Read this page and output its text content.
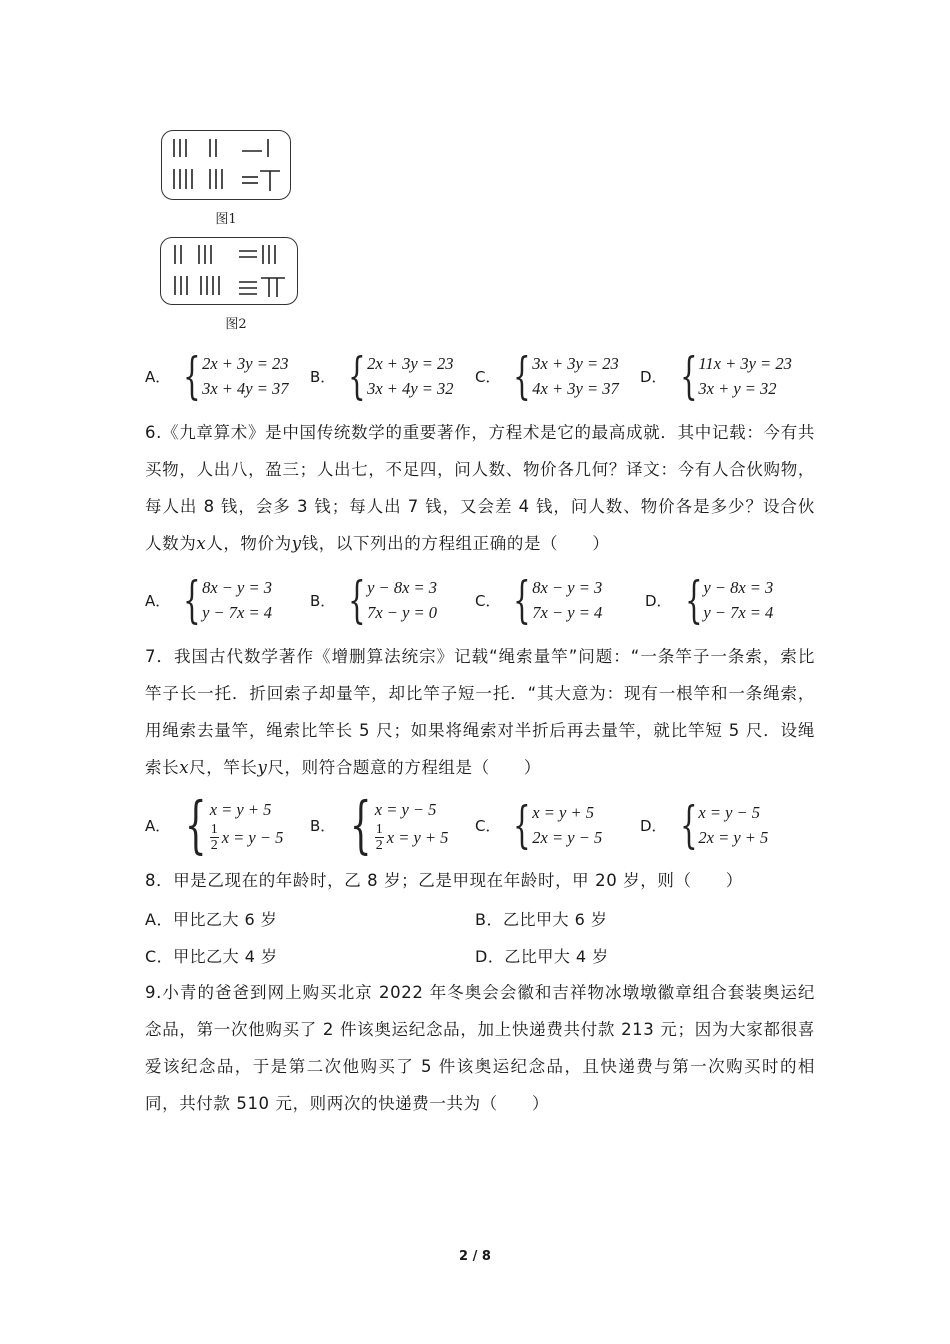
图1
图2
A． { 2x + 3y = 23
3x + 4y = 37
B． { 2x + 3y = 23
3x + 4y = 32
C． { 3x + 3y = 23
4x + 3y = 37
D． { 11x + 3y = 23
3x + y = 32
6.《九章算术》是中国传统数学的重要著作，方程术是它的最高成就．其中记载：今有共买物，人出八，盈三；人出七，不足四，问人数、物价各几何？译文：今有人合伙购物，每人出 8 钱，会多 3 钱；每人出 7 钱，又会差 4 钱，问人数、物价各是多少？设合伙人数为x人，物价为y钱，以下列出的方程组正确的是（　　）
A． { 8x − y = 3
y − 7x = 4
B． { y − 8x = 3
7x − y = 0
C． { 8x − y = 3
7x − y = 4
D． { y − 8x = 3
y − 7x = 4
7．我国古代数学著作《增删算法统宗》记载“绳索量竿”问题：“一条竿子一条索，索比竿子长一托．折回索子却量竿，却比竿子短一托．“其大意为：现有一根竿和一条绳索，用绳索去量竿，绳索比竿长 5 尺；如果将绳索对半折后再去量竿，就比竿短 5 尺．设绳索长x尺，竿长y尺，则符合题意的方程组是（　　）
A． { x = y + 5
$\frac{1}{2}$ x = y − 5
B． { x = y − 5
$\frac{1}{2}$ x = y + 5
C． { x = y + 5
2x = y − 5
D． { x = y − 5
2x = y + 5
8．甲是乙现在的年龄时，乙 8 岁；乙是甲现在年龄时，甲 20 岁，则（　　）
A．甲比乙大 6 岁	B．乙比甲大 6 岁
C．甲比乙大 4 岁	D．乙比甲大 4 岁
9.小青的爸爸到网上购买北京 2022 年冬奥会会徽和吉祥物冰墩墩徽章组合套装奥运纪念品，第一次他购买了 2 件该奥运纪念品，加上快递费共付款 213 元；因为大家都很喜爱该纪念品，于是第二次他购买了 5 件该奥运纪念品，且快递费与第一次购买时的相同，共付款 510 元，则两次的快递费一共为（　　）
2 / 8
